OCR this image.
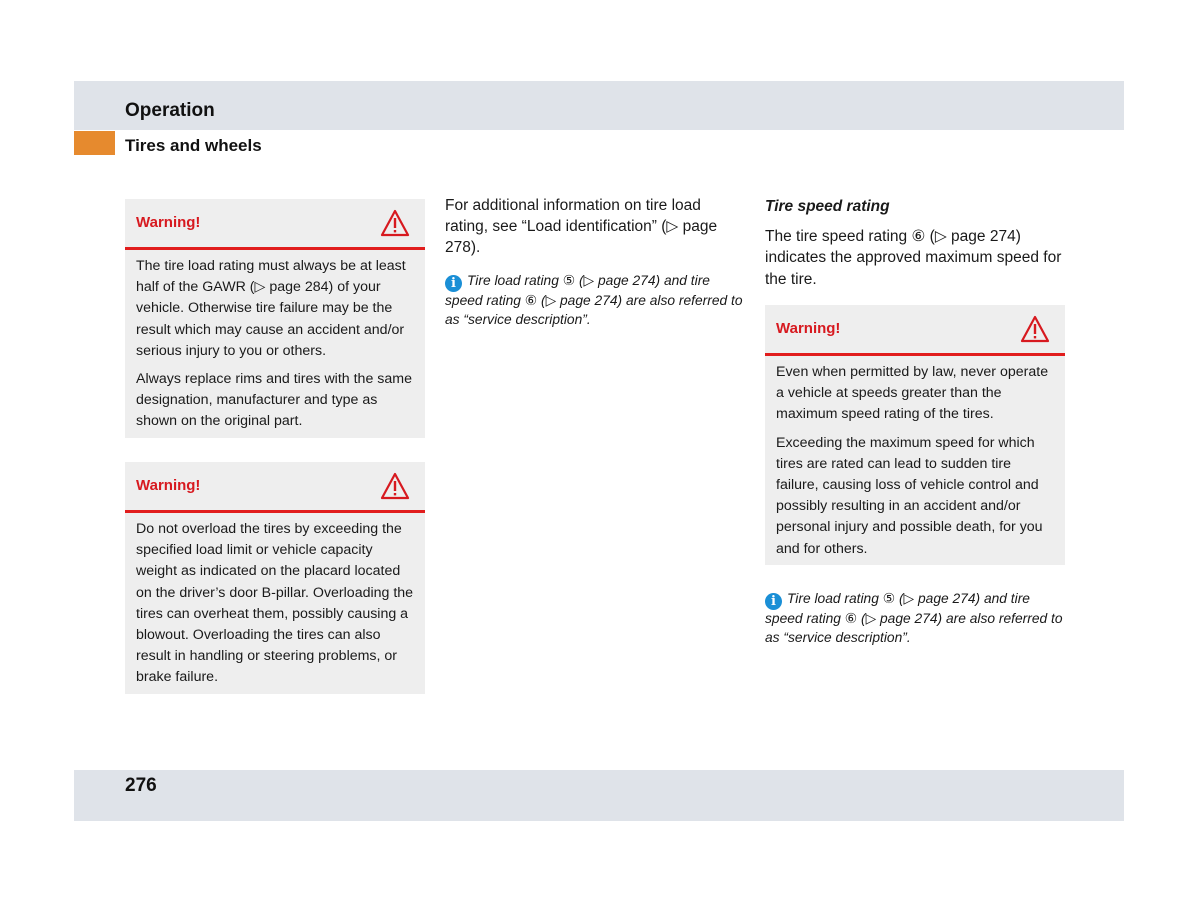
Operation
Tires and wheels
Warning!

The tire load rating must always be at least half of the GAWR (▷ page 284) of your vehicle. Otherwise tire failure may be the result which may cause an accident and/or serious injury to you or others.

Always replace rims and tires with the same designation, manufacturer and type as shown on the original part.

Warning!

Do not overload the tires by exceeding the specified load limit or vehicle capacity weight as indicated on the placard located on the driver’s door B-pillar. Overloading the tires can overheat them, possibly causing a blowout. Overloading the tires can also result in handling or steering problems, or brake failure.

For additional information on tire load rating, see “Load identification” (▷ page 278).

i Tire load rating ⑤ (▷ page 274) and tire speed rating ⑥ (▷ page 274) are also referred to as “service description”.

Tire speed rating

The tire speed rating ⑥ (▷ page 274) indicates the approved maximum speed for the tire.

Warning!

Even when permitted by law, never operate a vehicle at speeds greater than the maximum speed rating of the tires.

Exceeding the maximum speed for which tires are rated can lead to sudden tire failure, causing loss of vehicle control and possibly resulting in an accident and/or personal injury and possible death, for you and for others.

i Tire load rating ⑤ (▷ page 274) and tire speed rating ⑥ (▷ page 274) are also referred to as “service description”.
276
